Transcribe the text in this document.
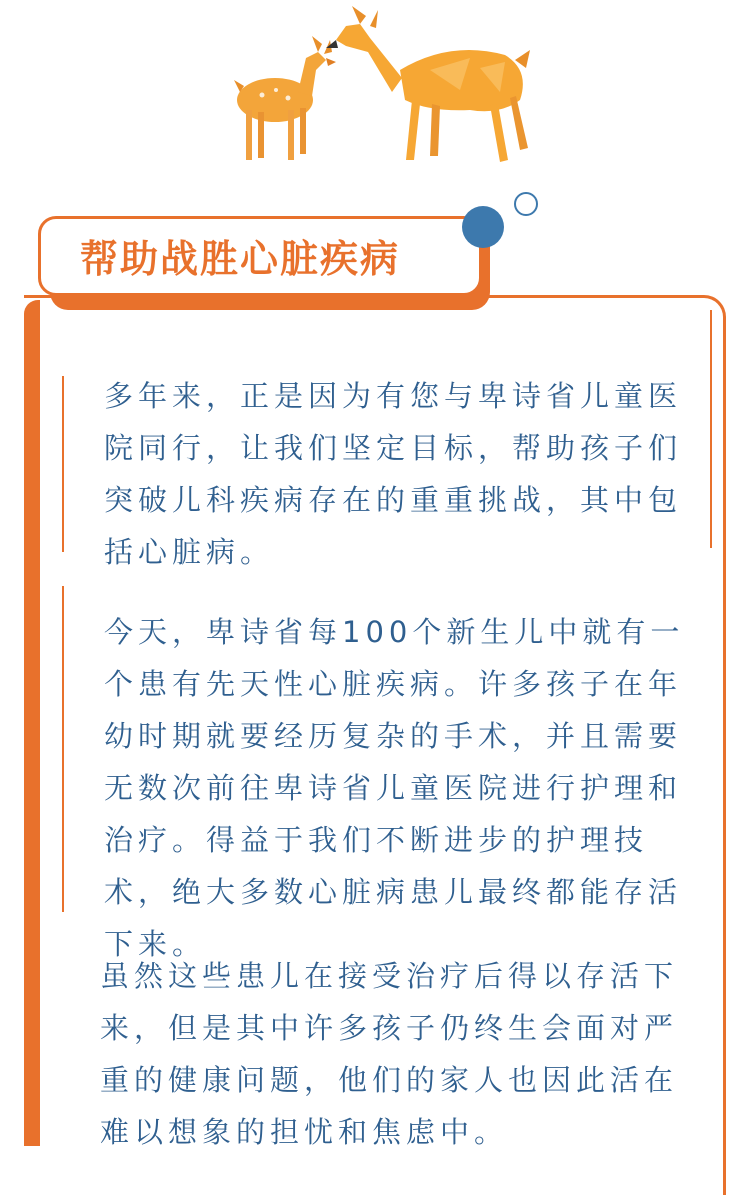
帮助战胜心脏疾病

多年来，正是因为有您与卑诗省儿童医院同行，让我们坚定目标，帮助孩子们突破儿科疾病存在的重重挑战，其中包括心脏病。

今天，卑诗省每100个新生儿中就有一个患有先天性心脏疾病。许多孩子在年幼时期就要经历复杂的手术，并且需要无数次前往卑诗省儿童医院进行护理和治疗。得益于我们不断进步的护理技术，绝大多数心脏病患儿最终都能存活下来。

虽然这些患儿在接受治疗后得以存活下来，但是其中许多孩子仍终生会面对严重的健康问题，他们的家人也因此活在难以想象的担忧和焦虑中。
